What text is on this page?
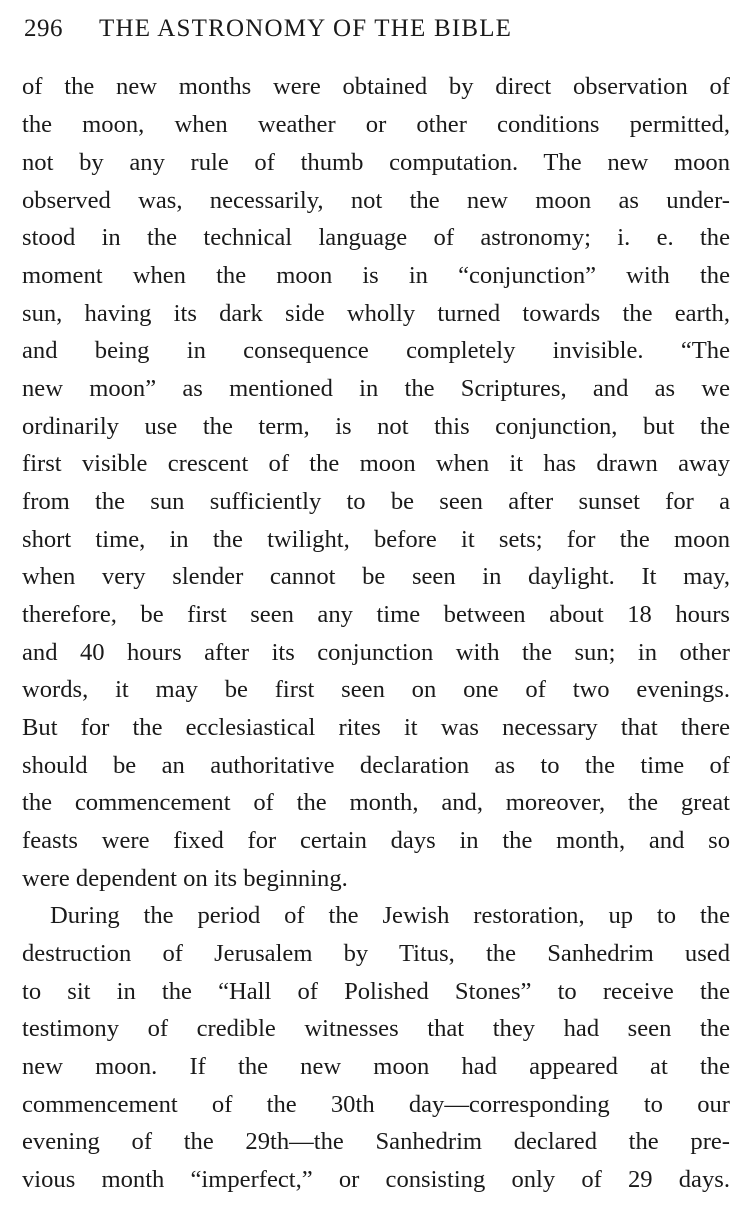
296 THE ASTRONOMY OF THE BIBLE
of the new months were obtained by direct observation of
the moon, when weather or other conditions permitted,
not by any rule of thumb computation. The new moon
observed was, necessarily, not the new moon as under-
stood in the technical language of astronomy; i. e. the
moment when the moon is in “conjunction” with the
sun, having its dark side wholly turned towards the earth,
and being in consequence completely invisible. “The
new moon” as mentioned in the Scriptures, and as we
ordinarily use the term, is not this conjunction, but the
first visible crescent of the moon when it has drawn away
from the sun sufficiently to be seen after sunset for a
short time, in the twilight, before it sets; for the moon
when very slender cannot be seen in daylight. It may,
therefore, be first seen any time between about 18 hours
and 40 hours after its conjunction with the sun; in other
words, it may be first seen on one of two evenings.
But for the ecclesiastical rites it was necessary that there
should be an authoritative declaration as to the time of
the commencement of the month, and, moreover, the great
feasts were fixed for certain days in the month, and so
were dependent on its beginning.
During the period of the Jewish restoration, up to the
destruction of Jerusalem by Titus, the Sanhedrim used
to sit in the “Hall of Polished Stones” to receive the
testimony of credible witnesses that they had seen the
new moon. If the new moon had appeared at the
commencement of the 30th day—corresponding to our
evening of the 29th—the Sanhedrim declared the pre-
vious month “imperfect,” or consisting only of 29 days.
